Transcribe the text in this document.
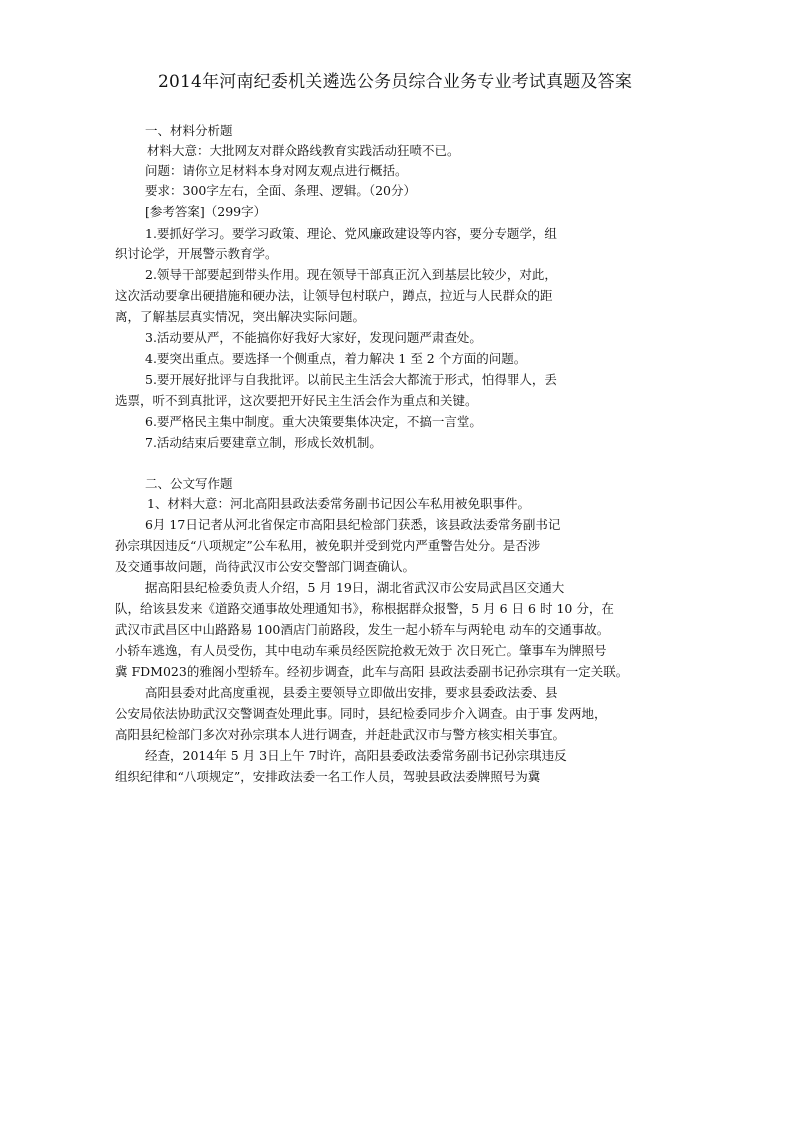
2014年河南纪委机关遴选公务员综合业务专业考试真题及答案
一、材料分析题
材料大意：大批网友对群众路线教育实践活动狂喷不已。
问题：请你立足材料本身对网友观点进行概括。
要求：300字左右，全面、条理、逻辑。（20分）
[参考答案]（299字）
1.要抓好学习。要学习政策、理论、党风廉政建设等内容，要分专题学，组
织讨论学，开展警示教育学。
2.领导干部要起到带头作用。现在领导干部真正沉入到基层比较少，对此，
这次活动要拿出硬措施和硬办法，让领导包村联户，蹲点，拉近与人民群众的距
离，了解基层真实情况，突出解决实际问题。
3.活动要从严，不能搞你好我好大家好，发现问题严肃查处。
4.要突出重点。要选择一个侧重点，着力解决 1 至 2 个方面的问题。
5.要开展好批评与自我批评。以前民主生活会大都流于形式，怕得罪人，丢
选票，听不到真批评，这次要把开好民主生活会作为重点和关键。
6.要严格民主集中制度。重大决策要集体决定，不搞一言堂。
7.活动结束后要建章立制，形成长效机制。
二、公文写作题
1、材料大意：河北高阳县政法委常务副书记因公车私用被免职事件。
6月 17日记者从河北省保定市高阳县纪检部门获悉，该县政法委常务副书记
孙宗琪因违反“八项规定”公车私用，被免职并受到党内严重警告处分。是否涉
及交通事故问题，尚待武汉市公安交警部门调查确认。
据高阳县纪检委负责人介绍，5 月 19日，湖北省武汉市公安局武昌区交通大
队，给该县发来《道路交通事故处理通知书》，称根据群众报警，5 月 6 日 6 时 10 分，在
武汉市武昌区中山路路易 100酒店门前路段，发生一起小轿车与两轮电 动车的交通事故。
小轿车逃逸，有人员受伤，其中电动车乘员经医院抢救无效于 次日死亡。肇事车为牌照号
冀 FDM023的雅阁小型轿车。经初步调查，此车与高阳 县政法委副书记孙宗琪有一定关联。
高阳县委对此高度重视，县委主要领导立即做出安排，要求县委政法委、县
公安局依法协助武汉交警调查处理此事。同时，县纪检委同步介入调查。由于事 发两地，
高阳县纪检部门多次对孙宗琪本人进行调查，并赶赴武汉市与警方核实相关事宜。
经查，2014年 5 月 3日上午 7时许，高阳县委政法委常务副书记孙宗琪违反
组织纪律和“八项规定”，安排政法委一名工作人员，驾驶县政法委牌照号为冀
